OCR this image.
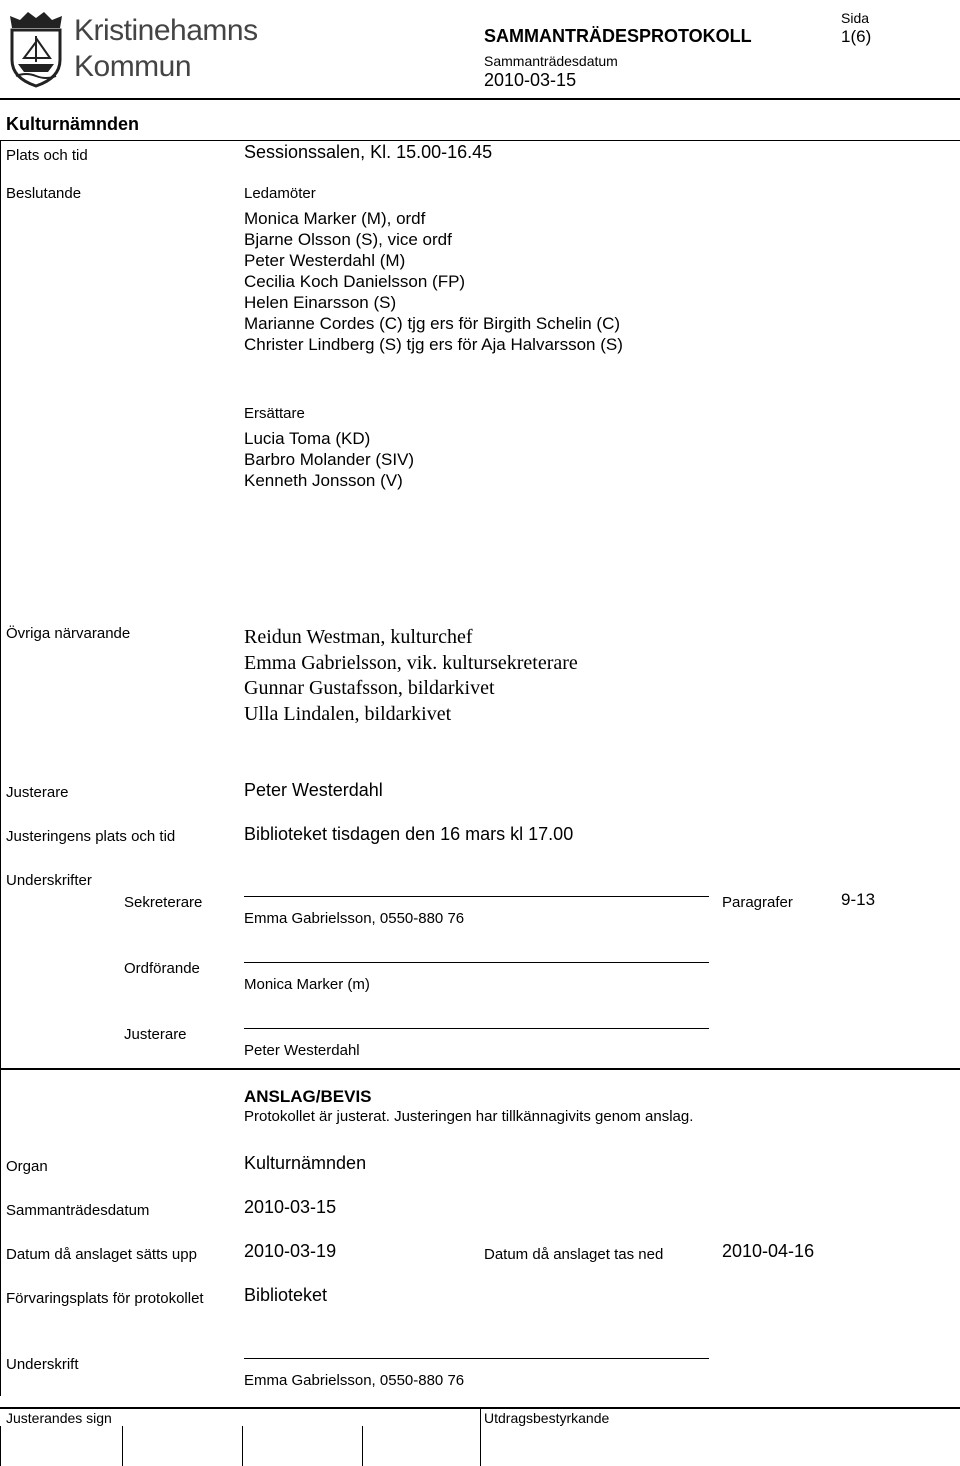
Kristinehamns
Kommun
SAMMANTRÄDESPROTOKOLL
Sammanträdesdatum
2010-03-15
Sida
1(6)
Kulturnämnden
Plats och tid	Sessionssalen, Kl. 15.00-16.45
Beslutande	Ledamöter
Monica Marker (M), ordf
Bjarne Olsson (S), vice ordf
Peter Westerdahl (M)
Cecilia Koch Danielsson (FP)
Helen Einarsson (S)
Marianne Cordes (C) tjg ers för Birgith Schelin (C)
Christer Lindberg (S) tjg ers för Aja Halvarsson (S)
Ersättare
Lucia Toma (KD)
Barbro Molander (SIV)
Kenneth Jonsson (V)
Övriga närvarande	Reidun Westman, kulturchef
Emma Gabrielsson, vik. kultursekreterare
Gunnar Gustafsson, bildarkivet
Ulla Lindalen, bildarkivet
Justerare	Peter Westerdahl
Justeringens plats och tid	Biblioteket tisdagen den 16 mars kl 17.00
Underskrifter
Sekreterare
Emma Gabrielsson, 0550-880 76
Paragrafer	9-13
Ordförande
Monica Marker (m)
Justerare
Peter Westerdahl
ANSLAG/BEVIS
Protokollet är justerat. Justeringen har tillkännagivits genom anslag.
Organ	Kulturnämnden
Sammanträdesdatum	2010-03-15
Datum då anslaget sätts upp	2010-03-19	Datum då anslaget tas ned	2010-04-16
Förvaringsplats för protokollet Biblioteket
Underskrift
Emma Gabrielsson, 0550-880 76
Justerandes sign	Utdragsbestyrkande
